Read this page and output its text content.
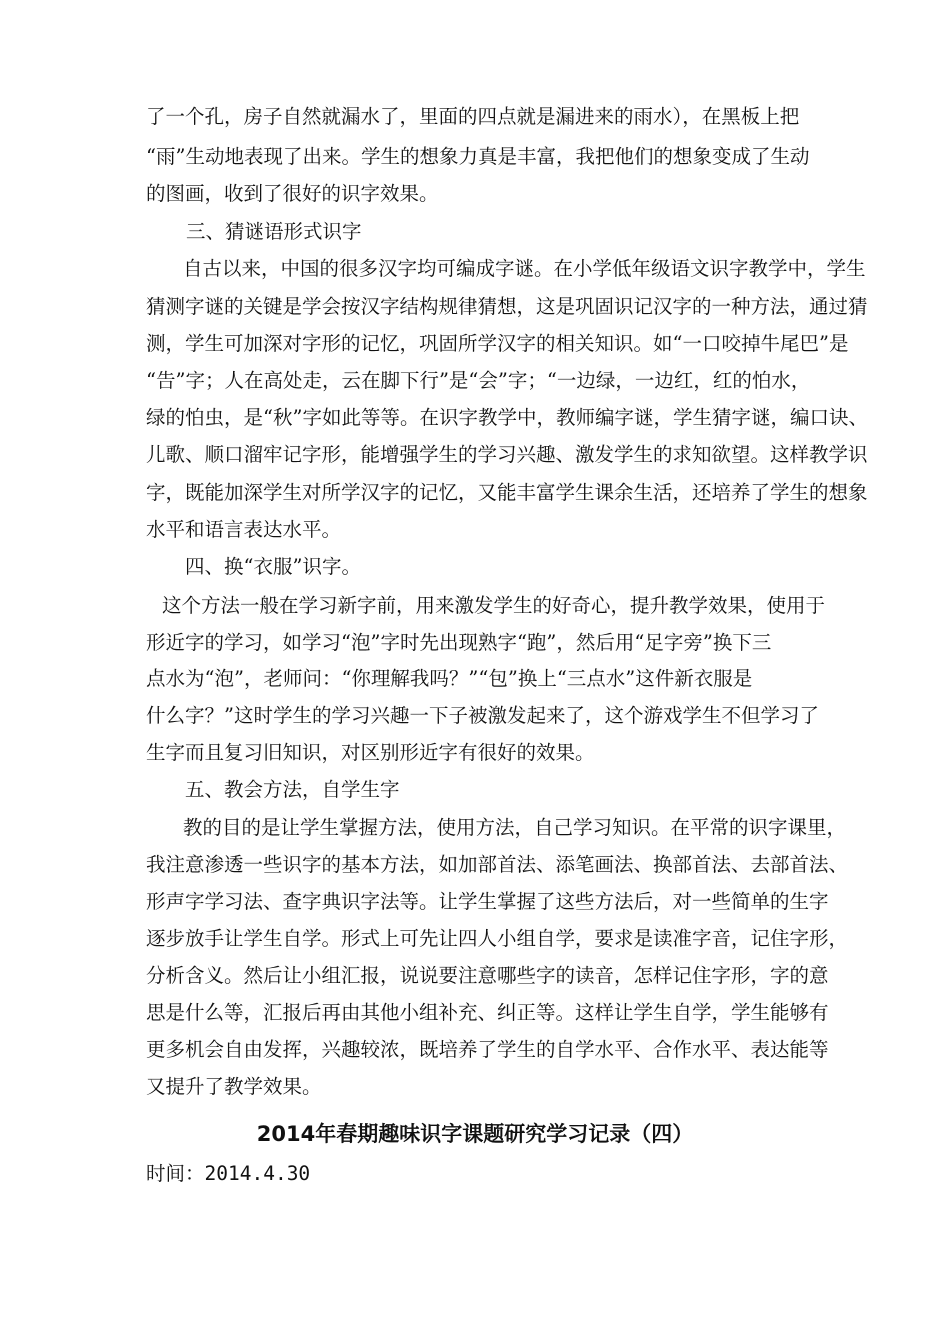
了一个孔，房子自然就漏水了，里面的四点就是漏进来的雨水），在黑板上把
“雨”生动地表现了出来。学生的想象力真是丰富，我把他们的想象变成了生动
的图画，收到了很好的识字效果。
三、猜谜语形式识字
自古以来，中国的很多汉字均可编成字谜。在小学低年级语文识字教学中，学生
猜测字谜的关键是学会按汉字结构规律猜想，这是巩固识记汉字的一种方法，通过猜
测，学生可加深对字形的记忆，巩固所学汉字的相关知识。如“一口咬掉牛尾巴”是
“告”字；人在高处走，云在脚下行”是“会”字；“一边绿，一边红，红的怕水，
绿的怕虫，是“秋”字如此等等。在识字教学中，教师编字谜，学生猜字谜，编口诀、
儿歌、顺口溜牢记字形，能增强学生的学习兴趣、激发学生的求知欲望。这样教学识
字，既能加深学生对所学汉字的记忆，又能丰富学生课余生活，还培养了学生的想象
水平和语言表达水平。
四、换“衣服”识字。
这个方法一般在学习新字前，用来激发学生的好奇心，提升教学效果，使用于
形近字的学习，如学习“泡”字时先出现熟字“跑”，然后用“足字旁”换下三
点水为“泡”，老师问：“你理解我吗？”“包”换上“三点水”这件新衣服是
什么字？”这时学生的学习兴趣一下子被激发起来了，这个游戏学生不但学习了
生字而且复习旧知识，对区别形近字有很好的效果。
五、教会方法，自学生字
教的目的是让学生掌握方法，使用方法，自己学习知识。在平常的识字课里，
我注意渗透一些识字的基本方法，如加部首法、添笔画法、换部首法、去部首法、
形声字学习法、查字典识字法等。让学生掌握了这些方法后，对一些简单的生字
逐步放手让学生自学。形式上可先让四人小组自学，要求是读准字音，记住字形，
分析含义。然后让小组汇报，说说要注意哪些字的读音，怎样记住字形，字的意
思是什么等，汇报后再由其他小组补充、纠正等。这样让学生自学，学生能够有
更多机会自由发挥，兴趣较浓，既培养了学生的自学水平、合作水平、表达能等
又提升了教学效果。
2014年春期趣味识字课题研究学习记录（四）
时间：2014.4.30
